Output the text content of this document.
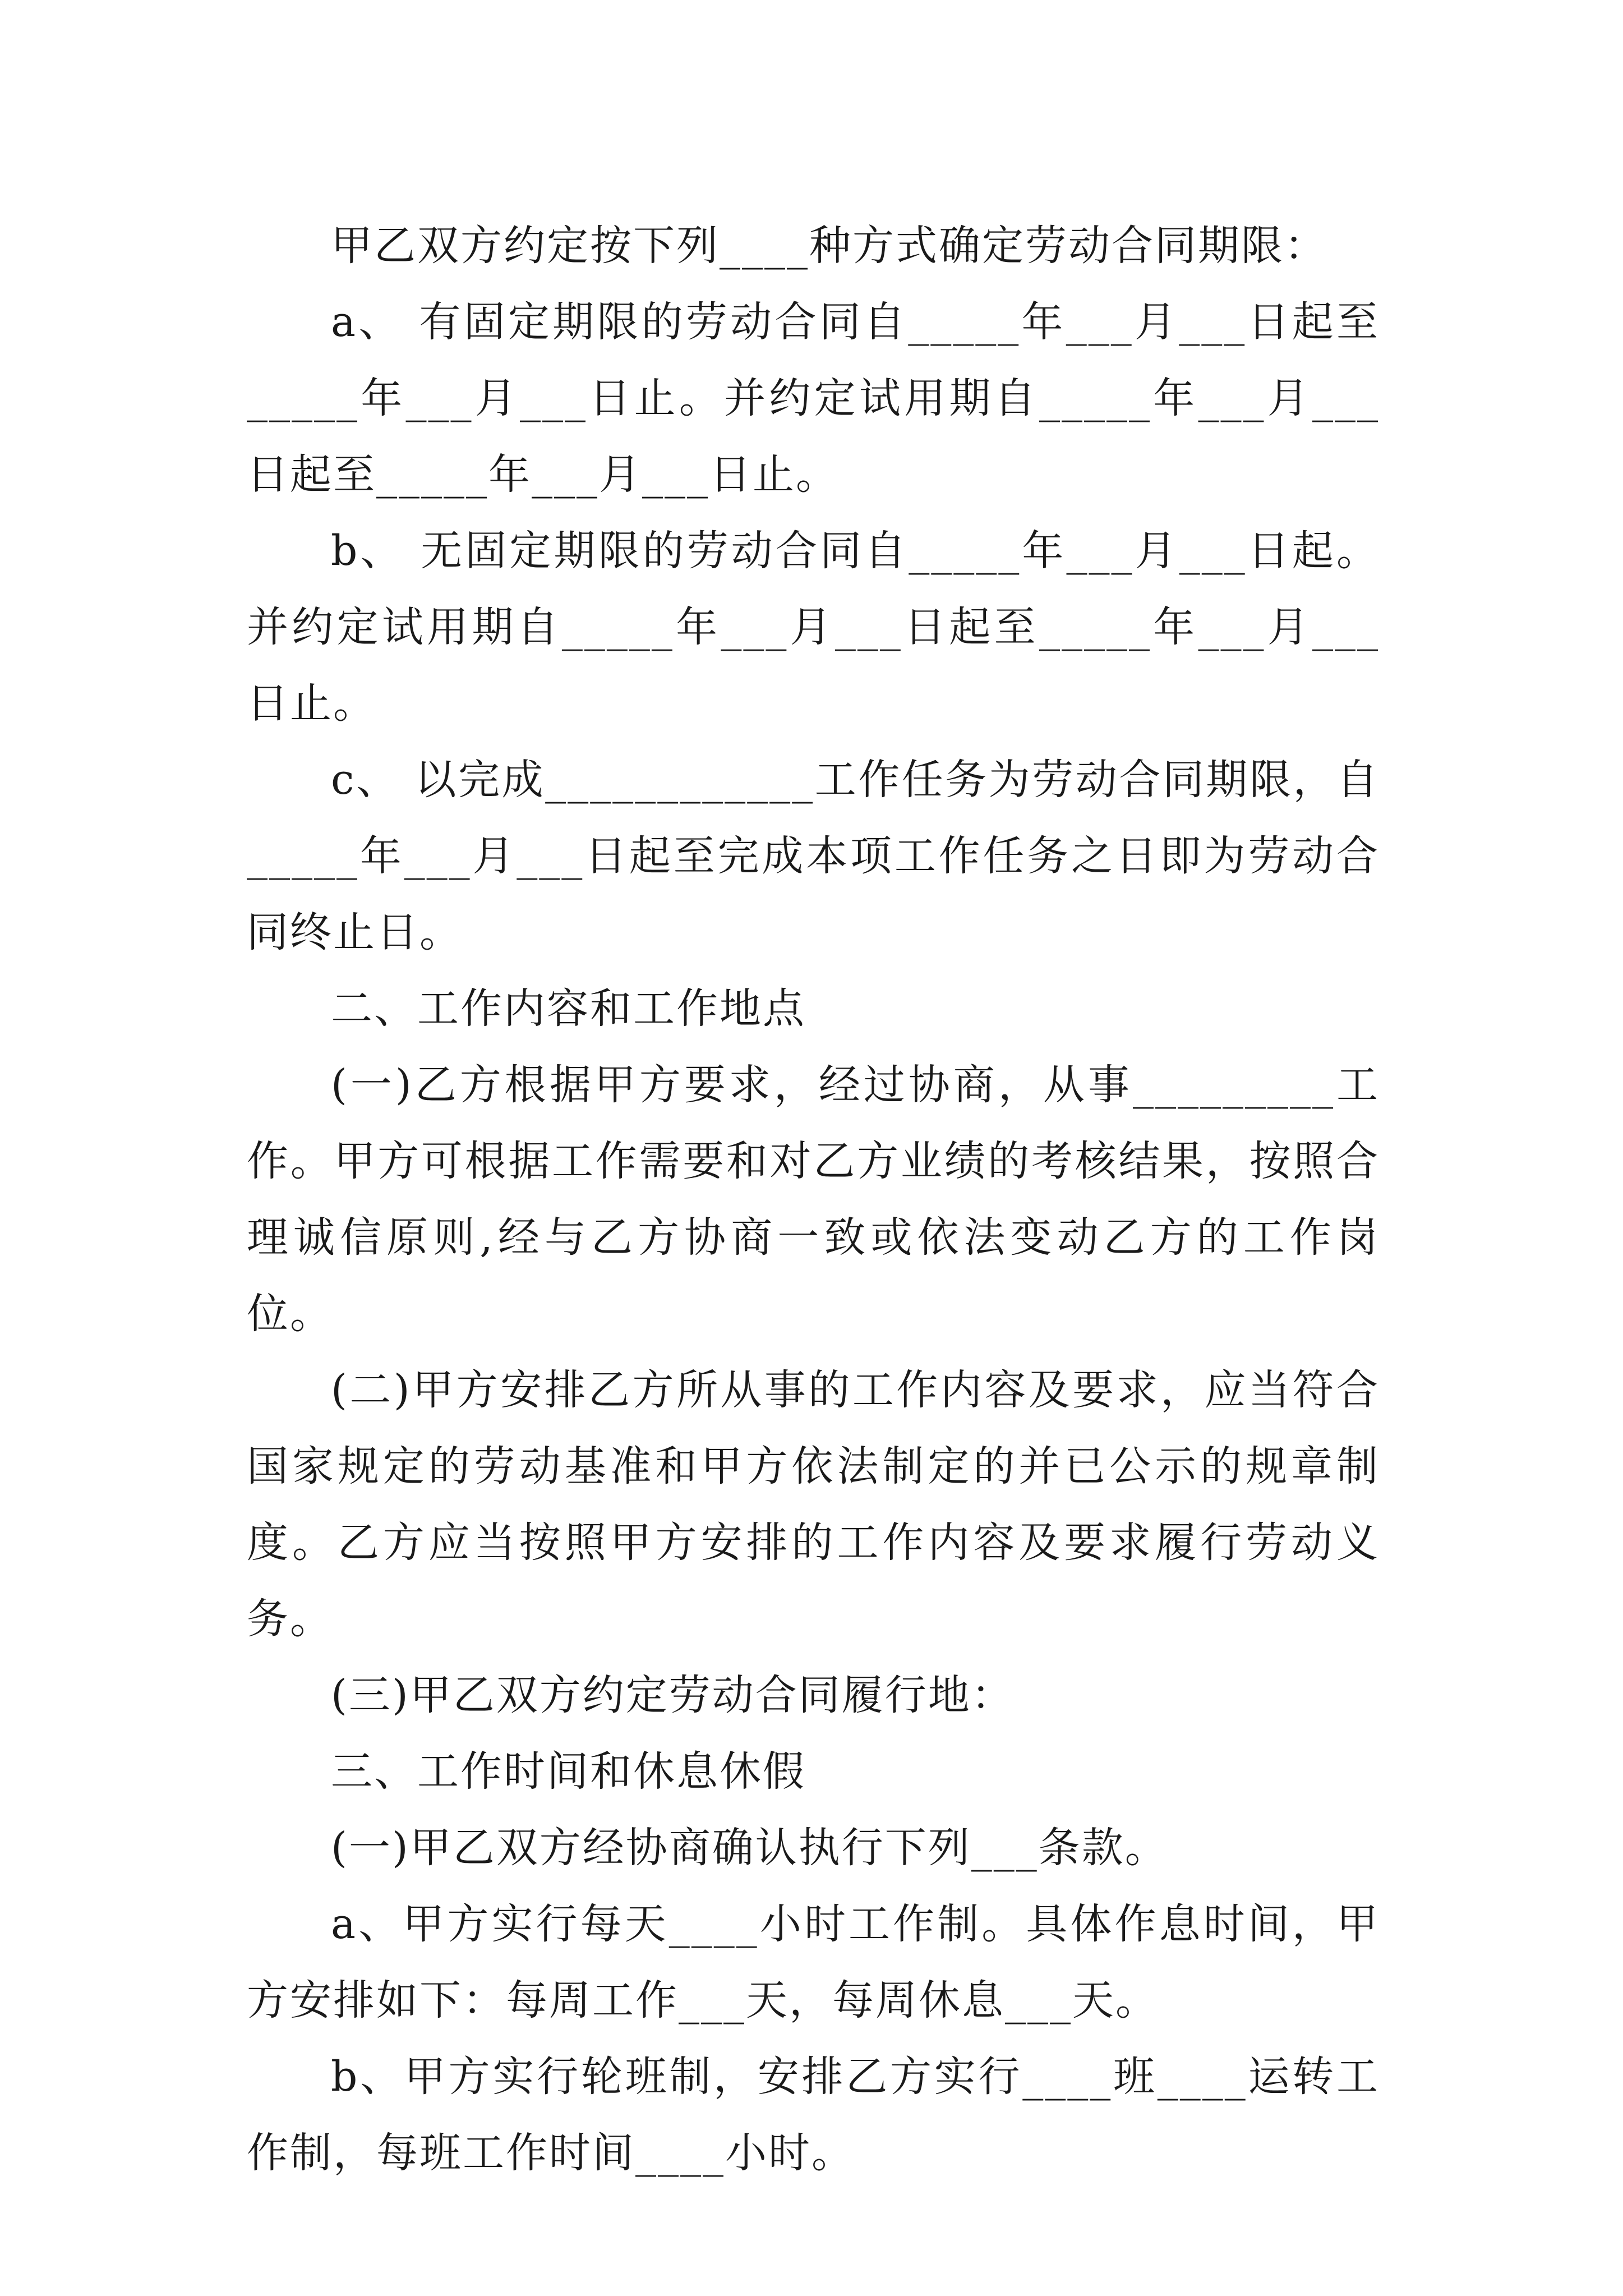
甲乙双方约定按下列____种方式确定劳动合同期限：

a、 有固定期限的劳动合同自_____年___月___日起至_____年___月___日止。并约定试用期自_____年___月___日起至_____年___月___日止。

b、 无固定期限的劳动合同自_____年___月___日起。并约定试用期自_____年___月___日起至_____年___月___日止。

c、 以完成____________工作任务为劳动合同期限，自_____年___月___日起至完成本项工作任务之日即为劳动合同终止日。

二、工作内容和工作地点

(一)乙方根据甲方要求，经过协商，从事_________工作。甲方可根据工作需要和对乙方业绩的考核结果，按照合理诚信原则,经与乙方协商一致或依法变动乙方的工作岗位。

(二)甲方安排乙方所从事的工作内容及要求，应当符合国家规定的劳动基准和甲方依法制定的并已公示的规章制度。乙方应当按照甲方安排的工作内容及要求履行劳动义务。

(三)甲乙双方约定劳动合同履行地：

三、工作时间和休息休假

(一)甲乙双方经协商确认执行下列___条款。

a、甲方实行每天____小时工作制。具体作息时间，甲方安排如下：每周工作___天，每周休息___天。

b、甲方实行轮班制，安排乙方实行____班____运转工作制，每班工作时间____小时。
